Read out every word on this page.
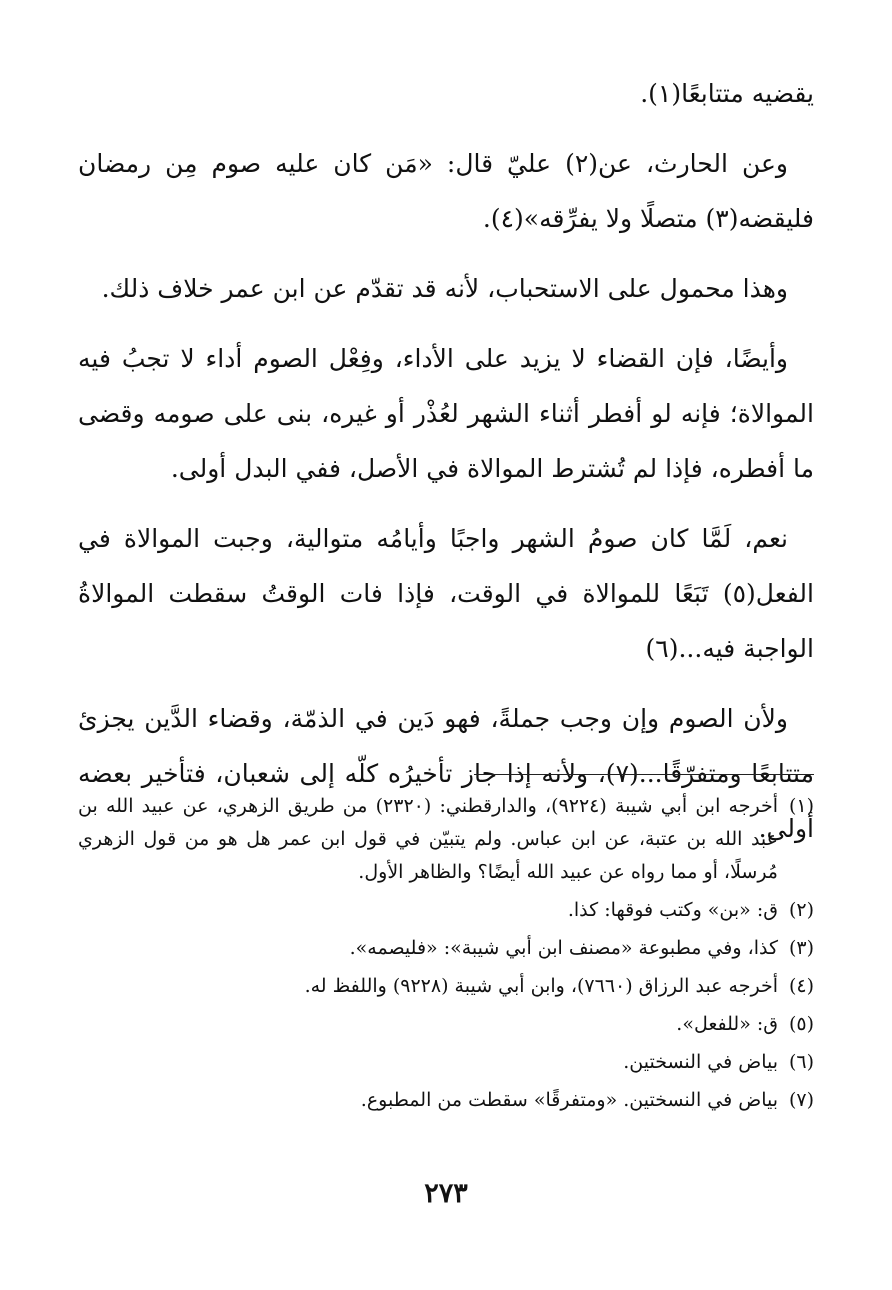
يقضيه متتابعًا(١).

وعن الحارث، عن(٢) عليّ قال: «مَن كان عليه صوم مِن رمضان فليقضه(٣) متصلًا ولا يفرِّقه»(٤).

وهذا محمول على الاستحباب، لأنه قد تقدّم عن ابن عمر خلاف ذلك.

وأيضًا، فإن القضاء لا يزيد على الأداء، وفِعْل الصوم أداء لا تجبُ فيه الموالاة؛ فإنه لو أفطر أثناء الشهر لعُذْر أو غيره، بنى على صومه وقضى ما أفطره، فإذا لم تُشترط الموالاة في الأصل، ففي البدل أولى.

نعم، لَمَّا كان صومُ الشهر واجبًا وأيامُه متوالية، وجبت الموالاة في الفعل(٥) تَبَعًا للموالاة في الوقت، فإذا فات الوقتُ سقطت الموالاةُ الواجبة فيه...(٦)

ولأن الصوم وإن وجب جملةً، فهو دَين في الذمّة، وقضاء الدَّين يجزئ متتابعًا ومتفرّقًا...(٧)، ولأنه إذا جاز تأخيرُه كلّه إلى شعبان، فتأخير بعضه أولى.

(١)
أخرجه ابن أبي شيبة (٩٢٢٤)، والدارقطني: (٢٣٢٠) من طريق الزهري، عن عبيد الله بن عبد الله بن عتبة، عن ابن عباس. ولم يتبيّن في قول ابن عمر هل هو من قول الزهري مُرسلًا، أو مما رواه عن عبيد الله أيضًا؟ والظاهر الأول.
(٢)
ق: «بن» وكتب فوقها: كذا.
(٣)
كذا، وفي مطبوعة «مصنف ابن أبي شيبة»: «فليصمه».
(٤)
أخرجه عبد الرزاق (٧٦٦٠)، وابن أبي شيبة (٩٢٢٨) واللفظ له.
(٥)
ق: «للفعل».
(٦)
بياض في النسختين.
(٧)
بياض في النسختين. «ومتفرقًا» سقطت من المطبوع.
٢٧٣
